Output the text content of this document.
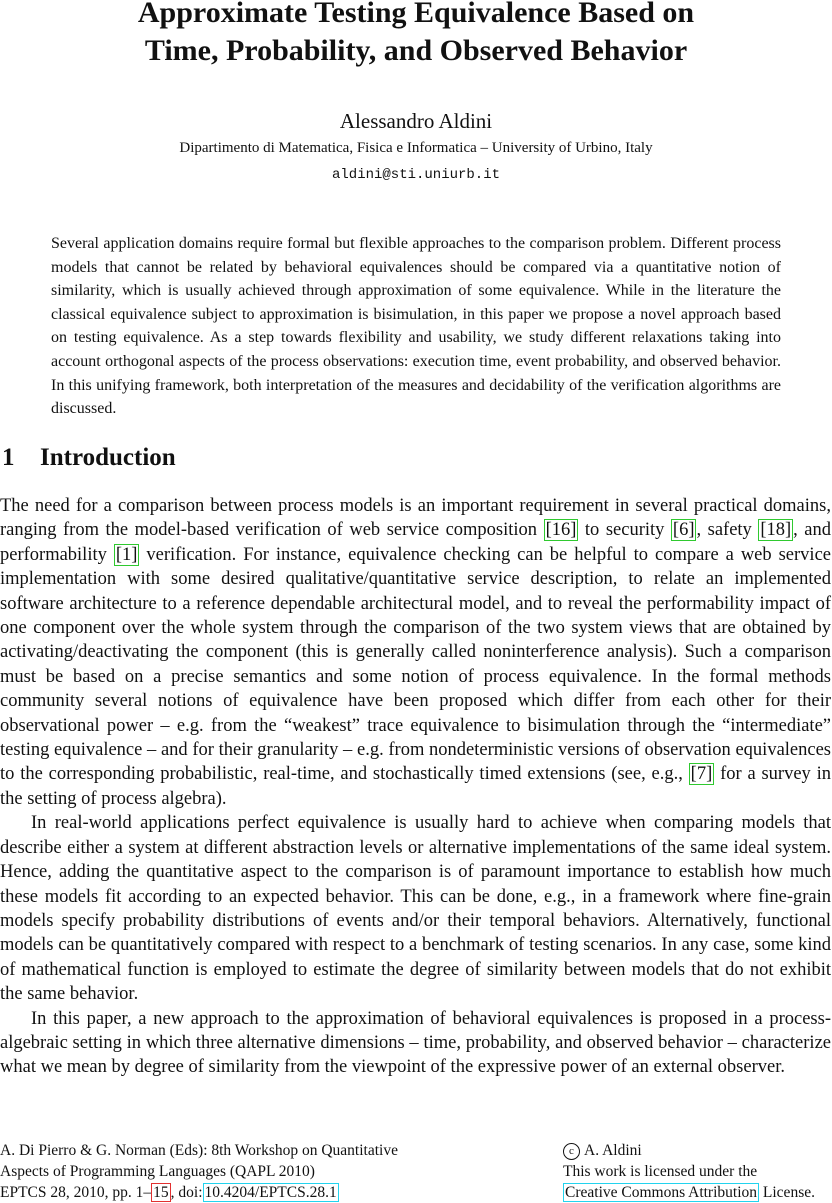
Approximate Testing Equivalence Based on
Time, Probability, and Observed Behavior
Alessandro Aldini
Dipartimento di Matematica, Fisica e Informatica – University of Urbino, Italy
aldini@sti.uniurb.it
Several application domains require formal but flexible approaches to the comparison problem. Different process models that cannot be related by behavioral equivalences should be compared via a quantitative notion of similarity, which is usually achieved through approximation of some equivalence. While in the literature the classical equivalence subject to approximation is bisimulation, in this paper we propose a novel approach based on testing equivalence. As a step towards flexibility and usability, we study different relaxations taking into account orthogonal aspects of the process observations: execution time, event probability, and observed behavior. In this unifying framework, both interpretation of the measures and decidability of the verification algorithms are discussed.
1 Introduction

The need for a comparison between process models is an important requirement in several practical domains, ranging from the model-based verification of web service composition [16] to security [6] , safety [18] , and performability [1] verification. For instance, equivalence checking can be helpful to compare a web service implementation with some desired qualitative/quantitative service description, to relate an implemented software architecture to a reference dependable architectural model, and to reveal the performability impact of one component over the whole system through the comparison of the two system views that are obtained by activating/deactivating the component (this is generally called noninterference analysis). Such a comparison must be based on a precise semantics and some notion of process equivalence. In the formal methods community several notions of equivalence have been proposed which differ from each other for their observational power – e.g. from the “weakest” trace equivalence to bisimulation through the “intermediate” testing equivalence – and for their granularity – e.g. from nondeterministic versions of observation equivalences to the corresponding probabilistic, real-time, and stochastically timed extensions (see, e.g., [7] for a survey in the setting of process algebra).

In real-world applications perfect equivalence is usually hard to achieve when comparing models that describe either a system at different abstraction levels or alternative implementations of the same ideal system. Hence, adding the quantitative aspect to the comparison is of paramount importance to establish how much these models fit according to an expected behavior. This can be done, e.g., in a framework where fine-grain models specify probability distributions of events and/or their temporal behaviors. Alternatively, functional models can be quantitatively compared with respect to a benchmark of testing scenarios. In any case, some kind of mathematical function is employed to estimate the degree of similarity between models that do not exhibit the same behavior.

In this paper, a new approach to the approximation of behavioral equivalences is proposed in a process-algebraic setting in which three alternative dimensions – time, probability, and observed behavior – characterize what we mean by degree of similarity from the viewpoint of the expressive power of an external observer.

A. Di Pierro & G. Norman (Eds): 8th Workshop on Quantitative
Aspects of Programming Languages (QAPL 2010)
EPTCS 28, 2010, pp. 1– 15 , doi: 10.4204/EPTCS.28.1
c A. Aldini
This work is licensed under the
Creative Commons Attribution License.
